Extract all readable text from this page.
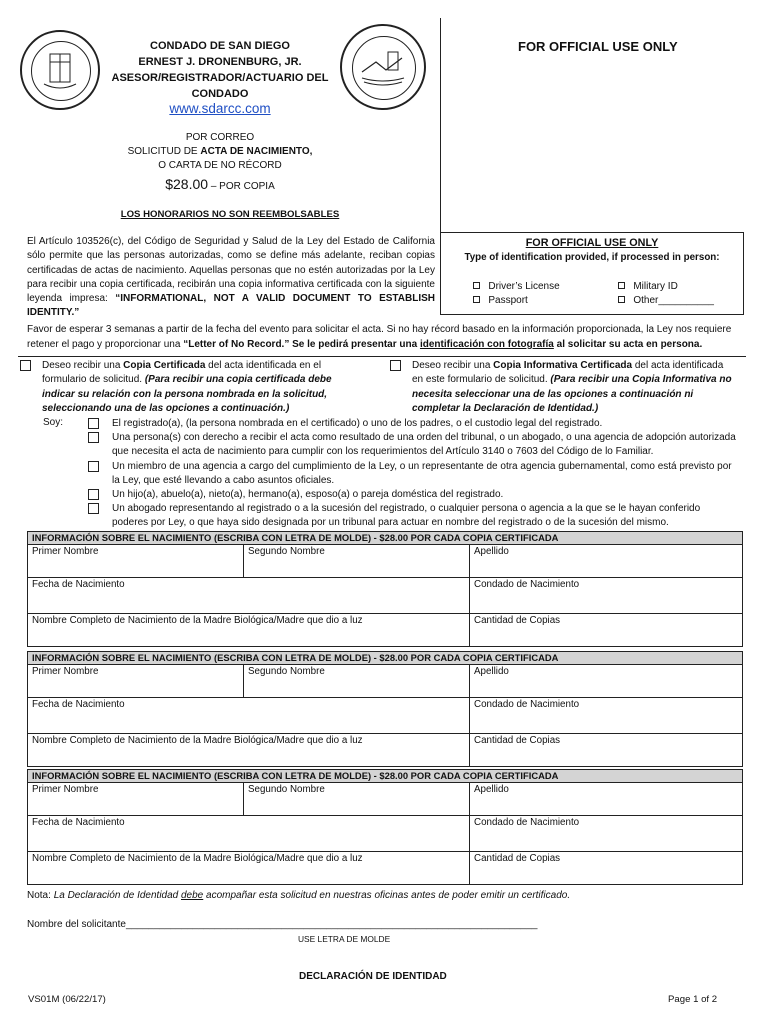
CONDADO DE SAN DIEGO
ERNEST J. DRONENBURG, JR.
ASESOR/REGISTRADOR/ACTUARIO DEL
CONDADO
www.sdarcc.com
POR CORREO
SOLICITUD DE ACTA DE NACIMIENTO,
O CARTA DE NO RÉCORD
$28.00 – POR COPIA
LOS HONORARIOS NO SON REEMBOLSABLES
FOR OFFICIAL USE ONLY
El Artículo 103526(c), del Código de Seguridad y Salud de la Ley del Estado de California sólo permite que las personas autorizadas, como se define más adelante, reciban copias certificadas de actas de nacimiento. Aquellas personas que no estén autorizadas por la Ley para recibir una copia certificada, recibirán una copia informativa certificada con la siguiente leyenda impresa: “INFORMATIONAL, NOT A VALID DOCUMENT TO ESTABLISH IDENTITY.”
FOR OFFICIAL USE ONLY
Type of identification provided, if processed in person:
Driver’s License
Passport
Military ID
Other__________
Favor de esperar 3 semanas a partir de la fecha del evento para solicitar el acta. Si no hay récord basado en la información proporcionada, la Ley nos requiere retener el pago y proporcionar una “Letter of No Record.” Se le pedirá presentar una identificación con fotografía al solicitar su acta en persona.
Deseo recibir una Copia Certificada del acta identificada en el formulario de solicitud. (Para recibir una copia certificada debe indicar su relación con la persona nombrada en la solicitud, seleccionando una de las opciones a continuación.)
Deseo recibir una Copia Informativa Certificada del acta identificada en este formulario de solicitud. (Para recibir una Copia Informativa no necesita seleccionar una de las opciones a continuación ni completar la Declaración de Identidad.)
Soy:	El registrado(a), (la persona nombrada en el certificado) o uno de los padres, o el custodio legal del registrado.
Una persona(s) con derecho a recibir el acta como resultado de una orden del tribunal, o un abogado, o una agencia de adopción autorizada que necesita el acta de nacimiento para cumplir con los requerimientos del Artículo 3140 o 7603 del Código de lo Familiar.
Un miembro de una agencia a cargo del cumplimiento de la Ley, o un representante de otra agencia gubernamental, como está previsto por la Ley, que esté llevando a cabo asuntos oficiales.
Un hijo(a), abuelo(a), nieto(a), hermano(a), esposo(a) o pareja doméstica del registrado.
Un abogado representando al registrado o a la sucesión del registrado, o cualquier persona o agencia a la que se le hayan conferido poderes por Ley, o que haya sido designada por un tribunal para actuar en nombre del registrado o de la sucesión del mismo.
INFORMACIÓN SOBRE EL NACIMIENTO (ESCRIBA CON LETRA DE MOLDE) - $28.00 POR CADA COPIA CERTIFICADA		
Primer Nombre	Segundo Nombre	Apellido
Fecha de Nacimiento		Condado de Nacimiento
Nombre Completo de Nacimiento de la Madre Biológica/Madre que dio a luz		Cantidad de Copias
INFORMACIÓN SOBRE EL NACIMIENTO (ESCRIBA CON LETRA DE MOLDE) - $28.00 POR CADA COPIA CERTIFICADA		
Primer Nombre	Segundo Nombre	Apellido
Fecha de Nacimiento		Condado de Nacimiento
Nombre Completo de Nacimiento de la Madre Biológica/Madre que dio a luz		Cantidad de Copias
INFORMACIÓN SOBRE EL NACIMIENTO (ESCRIBA CON LETRA DE MOLDE) - $28.00 POR CADA COPIA CERTIFICADA		
Primer Nombre	Segundo Nombre	Apellido
Fecha de Nacimiento		Condado de Nacimiento
Nombre Completo de Nacimiento de la Madre Biológica/Madre que dio a luz		Cantidad de Copias
Nota: La Declaración de Identidad debe acompañar esta solicitud en nuestras oficinas antes de poder emitir un certificado.
Nombre del solicitante__________________________________________________________________________
USE LETRA DE MOLDE
DECLARACIÓN DE IDENTIDAD
VS01M (06/22/17)	Page 1 of 2
